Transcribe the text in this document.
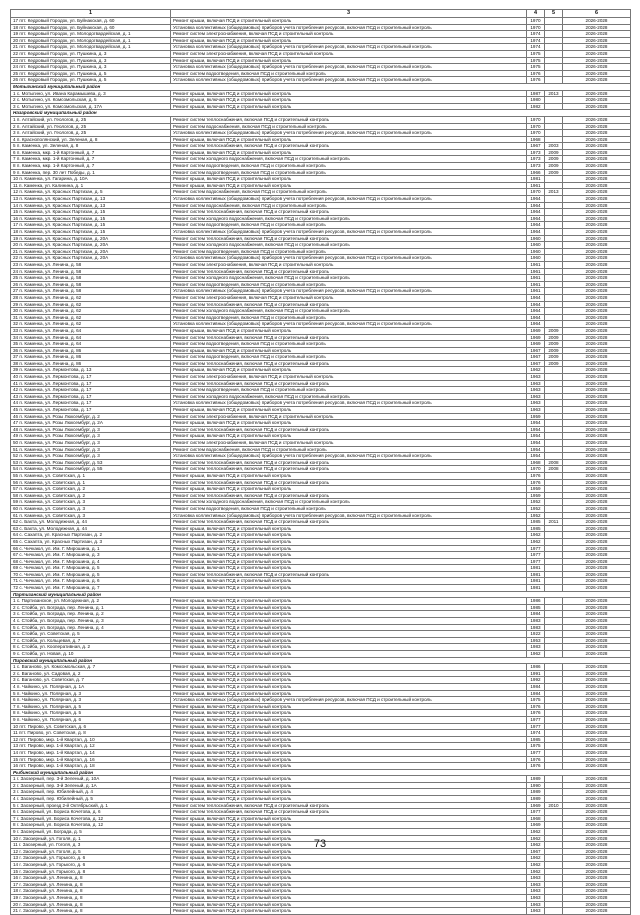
1	3	4	5	6
17 пгт. Кедровый Городок, ул. Буйнакская, д. 60	Ремонт крыши, включая ПСД и строительный контроль	1970		2026-2028
18 пгт. Кедровый Городок, ул. Буйнакская, д. 60	Установка коллективных (общедомовых) приборов учета потребления ресурсов, включая ПСД и строительный контроль	1970		2026-2028
19 пгт. Кедровый Городок, ул. Молодогвардейская, д. 1	Ремонт систем электроснабжения, включая ПСД и строительный контроль	1974		2026-2028
20 пгт. Кедровый Городок, ул. Молодогвардейская, д. 1	Ремонт крыши, включая ПСД и строительный контроль	1974		2026-2028
21 пгт. Кедровый Городок, ул. Молодогвардейская, д. 1	Установка коллективных (общедомовых) приборов учета потребления ресурсов, включая ПСД и строительный контроль	1974		2026-2028
22 пгт. Кедровый Городок, ул. Пушкина, д. 3	Ремонт систем электроснабжения, включая ПСД и строительный контроль	1975		2026-2028
23 пгт. Кедровый Городок, ул. Пушкина, д. 3	Ремонт крыши, включая ПСД и строительный контроль	1975		2026-2028
24 пгт. Кедровый Городок, ул. Пушкина, д. 3	Установка коллективных (общедомовых) приборов учета потребления ресурсов, включая ПСД и строительный контроль	1975		2026-2028
25 пгт. Кедровый Городок, ул. Пушкина, д. 5	Ремонт систем водоотведения, включая ПСД и строительный контроль	1976		2026-2028
26 пгт. Кедровый Городок, ул. Пушкина, д. 5	Установка коллективных (общедомовых) приборов учета потребления ресурсов, включая ПСД и строительный контроль	1976		2026-2028
Мотыгинский муниципальный район				
1 с. Мотыгино, ул. Ивана Карамышева, д. 3	Ремонт крыши, включая ПСД и строительный контроль	1987	2013	2026-2028
2 с. Мотыгино, ул. Комсомольская, д. 5	Ремонт крыши, включая ПСД и строительный контроль	1980		2026-2028
3 с. Мотыгино, ул. Комсомольская, д. 17А	Ремонт крыши, включая ПСД и строительный контроль	1982		2026-2028
Назаровский муниципальный район				
1 п. Алтайский, ул. Геологов, д. 25	Ремонт систем теплоснабжения, включая ПСД и строительный контроль	1970		2026-2028
2 п. Алтайский, ул. Геологов, д. 25	Ремонт систем водоснабжения, включая ПСД и строительный контроль	1970		2026-2028
3 п. Алтайский, ул. Геологов, д. 25	Установка коллективных (общедомовых) приборов учета потребления ресурсов, включая ПСД и строительный контроль	1970		2026-2028
4 п. Краснополянский, ул. Зеленая, д. 8	Ремонт крыши, включая ПСД и строительный контроль	1968		2026-2028
5 п. Каменка, ул. Зеленая, д. 8	Ремонт систем теплоснабжения, включая ПСД и строительный контроль	1967	2003	2026-2028
6 п. Каменка, мкр. 1-й Картонный, д. 7	Ремонт крыши, включая ПСД и строительный контроль	1973	2009	2026-2028
7 п. Каменка, мкр. 1-й Картонный, д. 7	Ремонт систем холодного водоснабжения, включая ПСД и строительный контроль	1973	2009	2026-2028
8 п. Каменка, мкр. 1-й Картонный, д. 7	Ремонт систем водоотведения, включая ПСД и строительный контроль	1973	2009	2026-2028
9 п. Каменка, пер. 30 лет Победы, д. 1	Ремонт систем водоотведения, включая ПСД и строительный контроль	1966	2009	2026-2028
10 п. Каменка, ул. Гагарина, д. 10А	Ремонт крыши, включая ПСД и строительный контроль	1981		2026-2028
11 п. Каменка, ул. Калинина, д. 1	Ремонт крыши, включая ПСД и строительный контроль	1961		2026-2028
12 п. Каменка, ул. Красных Партизан, д. 5	Ремонт систем водоснабжения, включая ПСД и строительный контроль	1970	2013	2026-2028
13 п. Каменка, ул. Красных Партизан, д. 13	Установка коллективных (общедомовых) приборов учета потребления ресурсов, включая ПСД и строительный контроль	1964		2026-2028
14 п. Каменка, ул. Красных Партизан, д. 13	Ремонт систем водоснабжения, включая ПСД и строительный контроль	1964		2026-2028
15 п. Каменка, ул. Красных Партизан, д. 15	Ремонт систем теплоснабжения, включая ПСД и строительный контроль	1964		2026-2028
16 п. Каменка, ул. Красных Партизан, д. 15	Ремонт систем холодного водоснабжения, включая ПСД и строительный контроль	1964		2026-2028
17 п. Каменка, ул. Красных Партизан, д. 15	Ремонт систем водоотведения, включая ПСД и строительный контроль	1964		2026-2028
18 п. Каменка, ул. Красных Партизан, д. 15	Установка коллективных (общедомовых) приборов учета потребления ресурсов, включая ПСД и строительный контроль	1964		2026-2028
19 п. Каменка, ул. Красных Партизан, д. 20А	Ремонт систем теплоснабжения, включая ПСД и строительный контроль	1960		2026-2028
20 п. Каменка, ул. Красных Партизан, д. 20А	Ремонт систем холодного водоснабжения, включая ПСД и строительный контроль	1960		2026-2028
21 п. Каменка, ул. Красных Партизан, д. 20А	Ремонт систем водоотведения, включая ПСД и строительный контроль	1960		2026-2028
22 п. Каменка, ул. Красных Партизан, д. 20А	Установка коллективных (общедомовых) приборов учета потребления ресурсов, включая ПСД и строительный контроль	1960		2026-2028
23 п. Каменка, ул. Ленина, д. 58	Ремонт систем электроснабжения, включая ПСД и строительный контроль	1961		2026-2028
24 п. Каменка, ул. Ленина, д. 58	Ремонт систем теплоснабжения, включая ПСД и строительный контроль	1961		2026-2028
25 п. Каменка, ул. Ленина, д. 58	Ремонт систем холодного водоснабжения, включая ПСД и строительный контроль	1961		2026-2028
26 п. Каменка, ул. Ленина, д. 58	Ремонт систем водоотведения, включая ПСД и строительный контроль	1961		2026-2028
27 п. Каменка, ул. Ленина, д. 58	Установка коллективных (общедомовых) приборов учета потребления ресурсов, включая ПСД и строительный контроль	1961		2026-2028
28 п. Каменка, ул. Ленина, д. 62	Ремонт систем электроснабжения, включая ПСД и строительный контроль	1964		2026-2028
29 п. Каменка, ул. Ленина, д. 62	Ремонт систем теплоснабжения, включая ПСД и строительный контроль	1964		2026-2028
30 п. Каменка, ул. Ленина, д. 62	Ремонт систем холодного водоснабжения, включая ПСД и строительный контроль	1964		2026-2028
31 п. Каменка, ул. Ленина, д. 62	Ремонт систем водоотведения, включая ПСД и строительный контроль	1964		2026-2028
32 п. Каменка, ул. Ленина, д. 62	Установка коллективных (общедомовых) приборов учета потребления ресурсов, включая ПСД и строительный контроль	1964		2026-2028
33 п. Каменка, ул. Ленина, д. 64	Ремонт крыши, включая ПСД и строительный контроль	1969	2009	2026-2028
34 п. Каменка, ул. Ленина, д. 64	Ремонт систем теплоснабжения, включая ПСД и строительный контроль	1969	2009	2026-2028
35 п. Каменка, ул. Ленина, д. 64	Ремонт систем водоотведения, включая ПСД и строительный контроль	1969	2009	2026-2028
36 п. Каменка, ул. Ленина, д. 86	Ремонт крыши, включая ПСД и строительный контроль	1967	2009	2026-2028
37 п. Каменка, ул. Ленина, д. 86	Ремонт систем водоотведения, включая ПСД и строительный контроль	1967	2009	2026-2028
38 п. Каменка, ул. Ленина, д. 86	Ремонт систем теплоснабжения, включая ПСД и строительный контроль	1967	2009	2026-2028
39 п. Каменка, ул. Лермонтова, д. 13	Ремонт крыши, включая ПСД и строительный контроль	1962		2026-2028
40 п. Каменка, ул. Лермонтова, д. 17	Ремонт систем электроснабжения, включая ПСД и строительный контроль	1963		2026-2028
41 п. Каменка, ул. Лермонтова, д. 17	Ремонт систем теплоснабжения, включая ПСД и строительный контроль	1963		2026-2028
42 п. Каменка, ул. Лермонтова, д. 17	Ремонт систем водоотведения, включая ПСД и строительный контроль	1963		2026-2028
43 п. Каменка, ул. Лермонтова, д. 17	Ремонт систем холодного водоснабжения, включая ПСД и строительный контроль	1963		2026-2028
44 п. Каменка, ул. Лермонтова, д. 17	Установка коллективных (общедомовых) приборов учета потребления ресурсов, включая ПСД и строительный контроль	1963		2026-2028
45 п. Каменка, ул. Лермонтова, д. 17	Ремонт крыши, включая ПСД и строительный контроль	1963		2026-2028
46 п. Каменка, ул. Розы Люксембург, д. 2	Ремонт систем электроснабжения, включая ПСД и строительный контроль	1959		2026-2028
47 п. Каменка, ул. Розы Люксембург, д. 2А	Ремонт крыши, включая ПСД и строительный контроль	1954		2026-2028
48 п. Каменка, ул. Розы Люксембург, д. 3	Ремонт систем теплоснабжения, включая ПСД и строительный контроль	1954		2026-2028
49 п. Каменка, ул. Розы Люксембург, д. 3	Ремонт крыши, включая ПСД и строительный контроль	1954		2026-2028
50 п. Каменка, ул. Розы Люксембург, д. 3	Ремонт систем электроснабжения, включая ПСД и строительный контроль	1954		2026-2028
51 п. Каменка, ул. Розы Люксембург, д. 3	Ремонт систем водоснабжения, включая ПСД и строительный контроль	1954		2026-2028
52 п. Каменка, ул. Розы Люксембург, д. 3	Установка коллективных (общедомовых) приборов учета потребления ресурсов, включая ПСД и строительный контроль	1954		2026-2028
53 п. Каменка, ул. Розы Люксембург, д. 53	Ремонт систем теплоснабжения, включая ПСД и строительный контроль	1968	2008	2026-2028
54 п. Каменка, ул. Розы Люксембург, д. 55	Ремонт систем теплоснабжения, включая ПСД и строительный контроль	1970	2008	2026-2028
55 п. Каменка, ул. Советская, д. 1	Ремонт крыши, включая ПСД и строительный контроль	1976		2026-2028
56 п. Каменка, ул. Советская, д. 1	Ремонт систем теплоснабжения, включая ПСД и строительный контроль	1976		2026-2028
57 п. Каменка, ул. Советская, д. 2	Ремонт крыши, включая ПСД и строительный контроль	1959		2026-2028
58 п. Каменка, ул. Советская, д. 2	Ремонт систем теплоснабжения, включая ПСД и строительный контроль	1959		2026-2028
59 п. Каменка, ул. Советская, д. 3	Ремонт систем холодного водоснабжения, включая ПСД и строительный контроль	1952		2026-2028
60 п. Каменка, ул. Советская, д. 3	Ремонт систем водоотведения, включая ПСД и строительный контроль	1952		2026-2028
61 п. Каменка, ул. Советская, д. 3	Установка коллективных (общедомовых) приборов учета потребления ресурсов, включая ПСД и строительный контроль	1952		2026-2028
62 с. Бахта, ул. Молодежная, д. 44	Ремонт систем теплоснабжения, включая ПСД и строительный контроль	1985	2011	2026-2028
63 с. Бахта, ул. Молодежная, д. 44	Ремонт крыши, включая ПСД и строительный контроль	1985		2026-2028
64 с. Сахапта, ул. Красных Партизан, д. 2	Ремонт крыши, включая ПСД и строительный контроль	1962		2026-2028
65 с. Сахапта, ул. Красных Партизан, д. 3	Ремонт крыши, включая ПСД и строительный контроль	1962		2026-2028
66 с. Чичкаюл, ул. Им. Г. Мирошина, д. 1	Ремонт крыши, включая ПСД и строительный контроль	1977		2026-2028
67 с. Чичкаюл, ул. Им. Г. Мирошина, д. 3	Ремонт крыши, включая ПСД и строительный контроль	1977		2026-2028
68 с. Чичкаюл, ул. Им. Г. Мирошина, д. 4	Ремонт крыши, включая ПСД и строительный контроль	1977		2026-2028
69 с. Чичкаюл, ул. Им. Г. Мирошина, д. 5	Ремонт крыши, включая ПСД и строительный контроль	1981		2026-2028
70 с. Чичкаюл, ул. Им. Г. Мирошина, д. 5	Ремонт систем теплоснабжения, включая ПСД и строительный контроль	1981		2026-2028
71 с. Чичкаюл, ул. Им. Г. Мирошина, д. 6	Ремонт крыши, включая ПСД и строительный контроль	1981		2026-2028
72 с. Чичкаюл, ул. Им. Г. Мирошина, д. 7	Ремонт крыши, включая ПСД и строительный контроль	1981		2026-2028
Партизанский муниципальный район				
1 с. Партизанское, ул. Молодежная, д. 2	Ремонт крыши, включая ПСД и строительный контроль	1986		2026-2028
2 с. Стойба, ул. Бограда, пер. Ленина, д. 1	Ремонт крыши, включая ПСД и строительный контроль	1985		2026-2028
3 с. Стойба, ул. Бограда, пер. Ленина, д. 2	Ремонт крыши, включая ПСД и строительный контроль	1984		2026-2028
4 с. Стойба, ул. Бограда, пер. Ленина, д. 3	Ремонт крыши, включая ПСД и строительный контроль	1983		2026-2028
5 с. Стойба, ул. Бограда, пер. Ленина, д. 4	Ремонт крыши, включая ПСД и строительный контроль	1983		2026-2028
6 с. Стойба, ул. Советская, д. 5	Ремонт крыши, включая ПСД и строительный контроль	1922		2026-2028
7 с. Стойба, ул. Кольцевая, д. 7	Ремонт крыши, включая ПСД и строительный контроль	1953		2026-2028
8 с. Стойба, ул. Кооперативная, д. 2	Ремонт крыши, включая ПСД и строительный контроль	1983		2026-2028
9 с. Стойба, ул. Новая, д. 10	Ремонт крыши, включая ПСД и строительный контроль	1962		2026-2028
Пировский муниципальный район				
1 с. Ваганово, ул. Комсомольская, д. 7	Ремонт крыши, включая ПСД и строительный контроль	1986		2026-2028
2 с. Ваганово, ул. Садовая, д. 2	Ремонт крыши, включая ПСД и строительный контроль	1991		2026-2028
3 с. Ваганово, ул. Советская, д. 7	Ремонт крыши, включая ПСД и строительный контроль	1992		2026-2028
4 п. Чайкино, ул. Полярная, д. 1А	Ремонт крыши, включая ПСД и строительный контроль	1984		2026-2028
5 п. Чайкино, ул. Полярная, д. 3	Ремонт крыши, включая ПСД и строительный контроль	1984		2026-2028
6 п. Чайкино, ул. Полярная, д. 3	Установка коллективных (общедомовых) приборов учета потребления ресурсов, включая ПСД и строительный контроль	1975		2026-2028
7 п. Чайкино, ул. Полярная, д. 5	Ремонт крыши, включая ПСД и строительный контроль	1976		2026-2028
8 п. Чайкино, ул. Полярная, д. 5	Ремонт крыши, включая ПСД и строительный контроль	1976		2026-2028
9 п. Чайкино, ул. Полярная, д. 6	Ремонт крыши, включая ПСД и строительный контроль	1977		2026-2028
10 пгт. Пирово, ул. Советская, д. 6	Ремонт крыши, включая ПСД и строительный контроль	1977		2026-2028
11 пгт. Пирово, ул. Советская, д. 8	Ремонт крыши, включая ПСД и строительный контроль	1974		2026-2028
12 пгт. Пирово, мкр. 1-й Квартал, д. 10	Ремонт крыши, включая ПСД и строительный контроль	1985		2026-2028
13 пгт. Пирово, мкр. 1-й Квартал, д. 12	Ремонт крыши, включая ПСД и строительный контроль	1975		2026-2028
14 пгт. Пирово, мкр. 1-й Квартал, д. 14	Ремонт крыши, включая ПСД и строительный контроль	1977		2026-2028
15 пгт. Пирово, мкр. 1-й Квартал, д. 16	Ремонт крыши, включая ПСД и строительный контроль	1976		2026-2028
16 пгт. Пирово, мкр. 1-й Квартал, д. 18	Ремонт крыши, включая ПСД и строительный контроль	1976		2026-2028
Рыбинский муниципальный район				
1 г. Заозерный, пер. 3-й Зеленый, д. 10А	Ремонт крыши, включая ПСД и строительный контроль	1989		2026-2028
2 г. Заозерный, пер. 3-й Зеленый, д. 1А	Ремонт крыши, включая ПСД и строительный контроль	1990		2026-2028
3 г. Заозерный, пер. Юбилейный, д. 4	Ремонт крыши, включая ПСД и строительный контроль	1989		2026-2028
4 г. Заозерный, пер. Юбилейный, д. 5	Ремонт крыши, включая ПСД и строительный контроль	1989		2026-2028
5 г. Заозерный, проезд 2-й Октябрьский, д. 1	Ремонт систем теплоснабжения, включая ПСД и строительный контроль	1969	2010	2026-2028
6 г. Заозерный, ул. Бориса Кочетова, д. 6	Ремонт систем теплоснабжения, включая ПСД и строительный контроль	1977		2026-2028
7 г. Заозерный, ул. Бориса Кочетова, д. 12	Ремонт крыши, включая ПСД и строительный контроль	1968		2026-2028
8 г. Заозерный, ул. Бориса Кочетова, д. 12	Ремонт крыши, включая ПСД и строительный контроль	1969		2026-2028
9 г. Заозерный, ул. Бограда, д. 5	Ремонт крыши, включая ПСД и строительный контроль	1962		2026-2028
10 г. Заозерный, ул. Гоголя, д. 1	Ремонт крыши, включая ПСД и строительный контроль	1962		2026-2028
11 г. Заозерный, ул. Гоголя, д. 3	Ремонт крыши, включая ПСД и строительный контроль	1962		2026-2028
12 г. Заозерный, ул. Гоголя, д. 5	Ремонт крыши, включая ПСД и строительный контроль	1967		2026-2028
13 г. Заозерный, ул. Горького, д. 6	Ремонт крыши, включая ПСД и строительный контроль	1962		2026-2028
14 г. Заозерный, ул. Горького, д. 6	Ремонт крыши, включая ПСД и строительный контроль	1962		2026-2028
15 г. Заозерный, ул. Горького, д. 8	Ремонт крыши, включая ПСД и строительный контроль	1962		2026-2028
16 г. Заозерный, ул. Ленина, д. 8	Ремонт крыши, включая ПСД и строительный контроль	1963		2026-2028
17 г. Заозерный, ул. Ленина, д. 8	Ремонт крыши, включая ПСД и строительный контроль	1963		2026-2028
18 г. Заозерный, ул. Ленина, д. 8	Ремонт крыши, включая ПСД и строительный контроль	1963		2026-2028
19 г. Заозерный, ул. Ленина, д. 8	Ремонт крыши, включая ПСД и строительный контроль	1963		2026-2028
20 г. Заозерный, ул. Ленина, д. 8	Ремонт крыши, включая ПСД и строительный контроль	1963		2026-2028
21 г. Заозерный, ул. Ленина, д. 8	Ремонт крыши, включая ПСД и строительный контроль	1963		2026-2028
73
